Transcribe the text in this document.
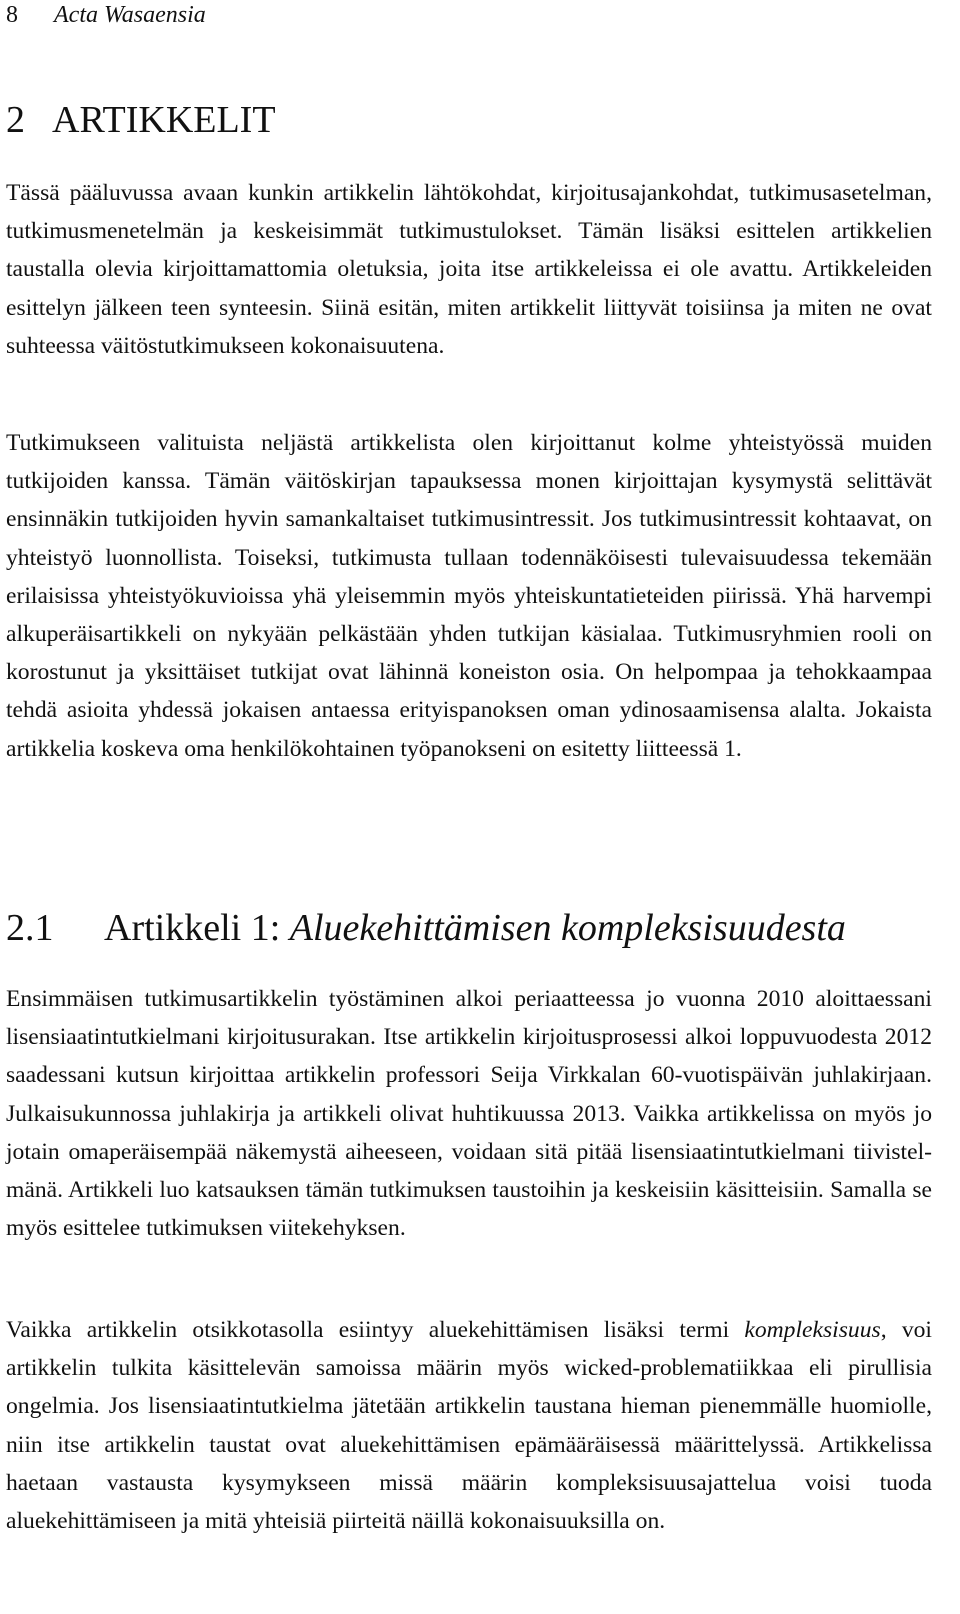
8 Acta Wasaensia
2 ARTIKKELIT

Tässä pääluvussa avaan kunkin artikkelin lähtökohdat, kirjoitusajankohdat, tutkimusasetelman, tutkimusmenetelmän ja keskeisimmät tutkimustulokset. Tämän lisäksi esittelen artikkelien taustalla olevia kirjoittamattomia oletuksia, joita itse artikkeleissa ei ole avattu. Artikkeleiden esittelyn jälkeen teen synteesin. Siinä esitän, miten artikkelit liittyvät toisiinsa ja miten ne ovat suhteessa väitöstutkimukseen kokonaisuutena.

Tutkimukseen valituista neljästä artikkelista olen kirjoittanut kolme yhteistyössä muiden tutkijoiden kanssa. Tämän väitöskirjan tapauksessa monen kirjoittajan kysymystä selittävät ensinnäkin tutkijoiden hyvin samankaltaiset tutkimusintressit. Jos tutkimusintressit kohtaavat, on yhteistyö luonnollista. Toiseksi, tutkimusta tullaan todennäköisesti tulevaisuudessa tekemään erilaisissa yhteistyökuvioissa yhä yleisemmin myös yhteiskuntatieteiden piirissä. Yhä harvempi alkuperäisartikkeli on nykyään pelkästään yhden tutkijan käsialaa. Tutkimusryhmien rooli on korostunut ja yksittäiset tutkijat ovat lähinnä koneiston osia. On helpompaa ja tehokkaampaa tehdä asioita yhdessä jokaisen antaessa erityispanoksen oman ydinosaamisensa alalta. Jokaista artikkelia koskeva oma henkilökohtainen työpanokseni on esitetty liitteessä 1.

2.1 Artikkeli 1: Aluekehittämisen kompleksisuudesta

Ensimmäisen tutkimusartikkelin työstäminen alkoi periaatteessa jo vuonna 2010 aloittaessani lisensiaatintutkielmani kirjoitusurakan. Itse artikkelin kirjoitusprosessi alkoi loppuvuodesta 2012 saadessani kutsun kirjoittaa artikkelin professori Seija Virkkalan 60-vuotispäivän juhlakirjaan. Julkaisukunnossa juhlakirja ja artikkeli olivat huhtikuussa 2013. Vaikka artikkelissa on myös jo jotain omaperäisempää näkemystä aiheeseen, voidaan sitä pitää lisensiaatintutkielmani tiivistelmänä. Artikkeli luo katsauksen tämän tutkimuksen taustoihin ja keskeisiin käsitteisiin. Samalla se myös esittelee tutkimuksen viitekehyksen.

Vaikka artikkelin otsikkotasolla esiintyy aluekehittämisen lisäksi termi kompleksisuus, voi artikkelin tulkita käsittelevän samoissa määrin myös wicked-problematiikkaa eli pirullisia ongelmia. Jos lisensiaatintutkielma jätetään artikkelin taustana hieman pienemmälle huomiolle, niin itse artikkelin taustat ovat aluekehittämisen epämääräisessä määrittelyssä. Artikkelissa haetaan vastausta kysymykseen missä määrin kompleksisuusajattelua voisi tuoda aluekehittämiseen ja mitä yhteisiä piirteitä näillä kokonaisuuksilla on.
